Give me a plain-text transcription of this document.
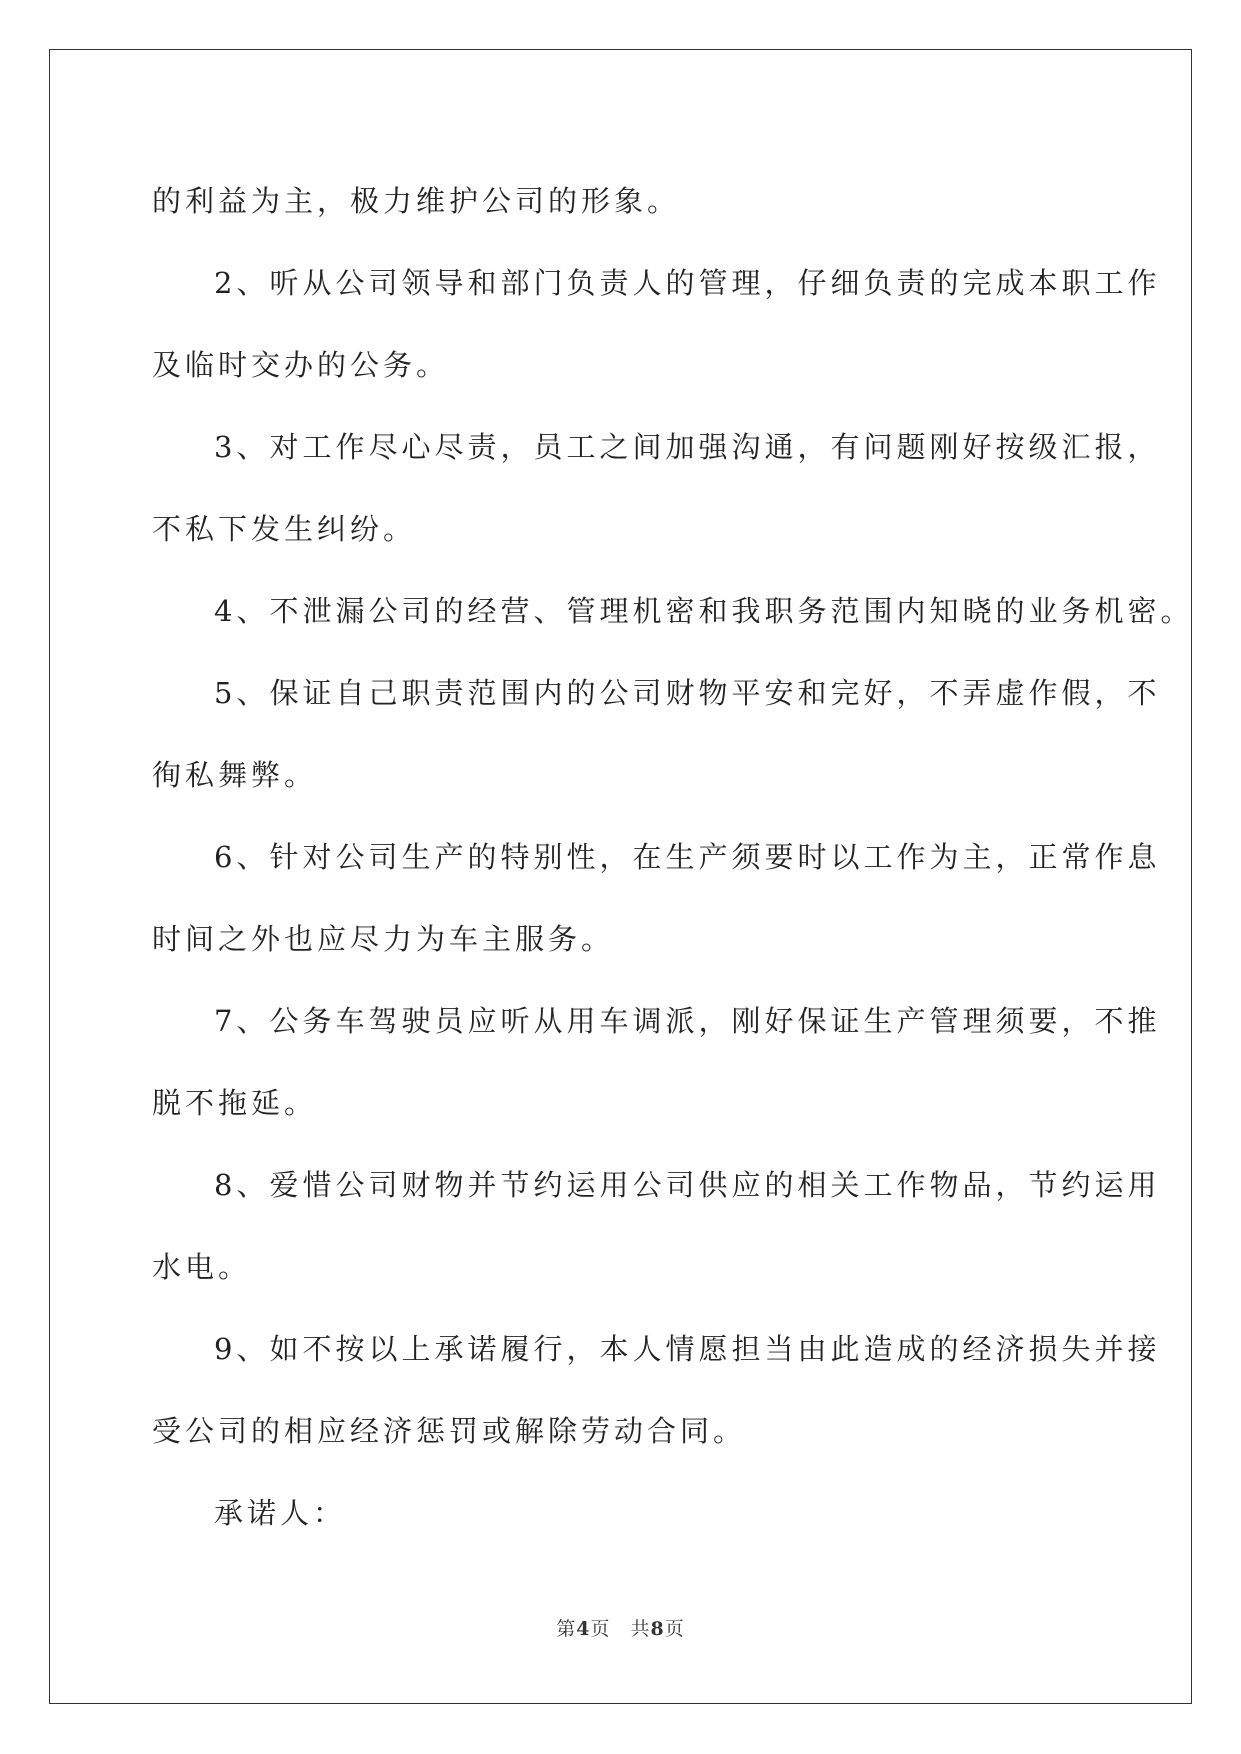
的利益为主，极力维护公司的形象。

2、听从公司领导和部门负责人的管理，仔细负责的完成本职工作
及临时交办的公务。

3、对工作尽心尽责，员工之间加强沟通，有问题刚好按级汇报，
不私下发生纠纷。

4、不泄漏公司的经营、管理机密和我职务范围内知晓的业务机密。

5、保证自己职责范围内的公司财物平安和完好，不弄虚作假，不
徇私舞弊。

6、针对公司生产的特别性，在生产须要时以工作为主，正常作息
时间之外也应尽力为车主服务。

7、公务车驾驶员应听从用车调派，刚好保证生产管理须要，不推
脱不拖延。

8、爱惜公司财物并节约运用公司供应的相关工作物品，节约运用
水电。

9、如不按以上承诺履行，本人情愿担当由此造成的经济损失并接
受公司的相应经济惩罚或解除劳动合同。

承诺人：

第4页 共8页
